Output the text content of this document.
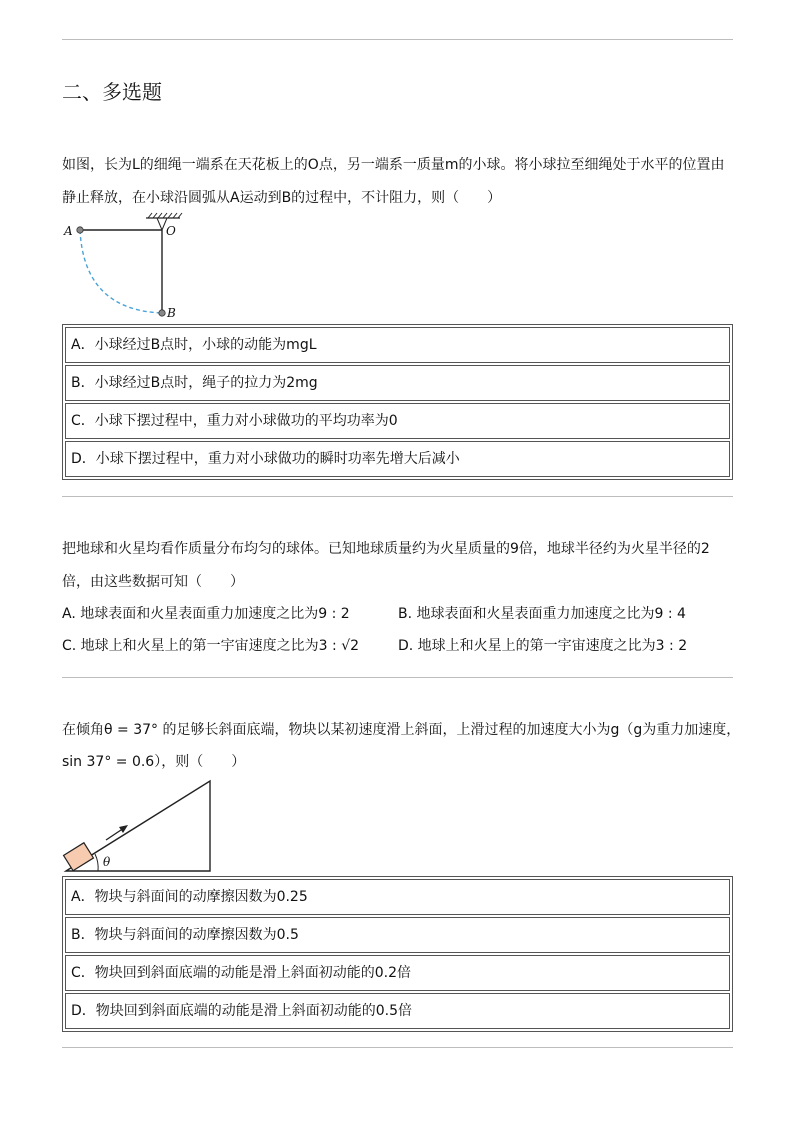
二、多选题
如图，长为L的细绳一端系在天花板上的O点，另一端系一质量m的小球。将小球拉至细绳处于水平的位置由
静止释放，在小球沿圆弧从A运动到B的过程中，不计阻力，则（　　）
A	O
B
A．小球经过B点时，小球的动能为mgL
B．小球经过B点时，绳子的拉力为2mg
C．小球下摆过程中，重力对小球做功的平均功率为0
D．小球下摆过程中，重力对小球做功的瞬时功率先增大后减小
把地球和火星均看作质量分布均匀的球体。已知地球质量约为火星质量的9倍，地球半径约为火星半径的2
倍，由这些数据可知（　　）
A. 地球表面和火星表面重力加速度之比为9 : 2	B. 地球表面和火星表面重力加速度之比为9 : 4
C. 地球上和火星上的第一宇宙速度之比为3 : √2	D. 地球上和火星上的第一宇宙速度之比为3 : 2
在倾角θ = 37° 的足够长斜面底端，物块以某初速度滑上斜面，上滑过程的加速度大小为g（g为重力加速度，
sin 37° = 0.6），则（　　）
θ
A．物块与斜面间的动摩擦因数为0.25
B．物块与斜面间的动摩擦因数为0.5
C．物块回到斜面底端的动能是滑上斜面初动能的0.2倍
D．物块回到斜面底端的动能是滑上斜面初动能的0.5倍
